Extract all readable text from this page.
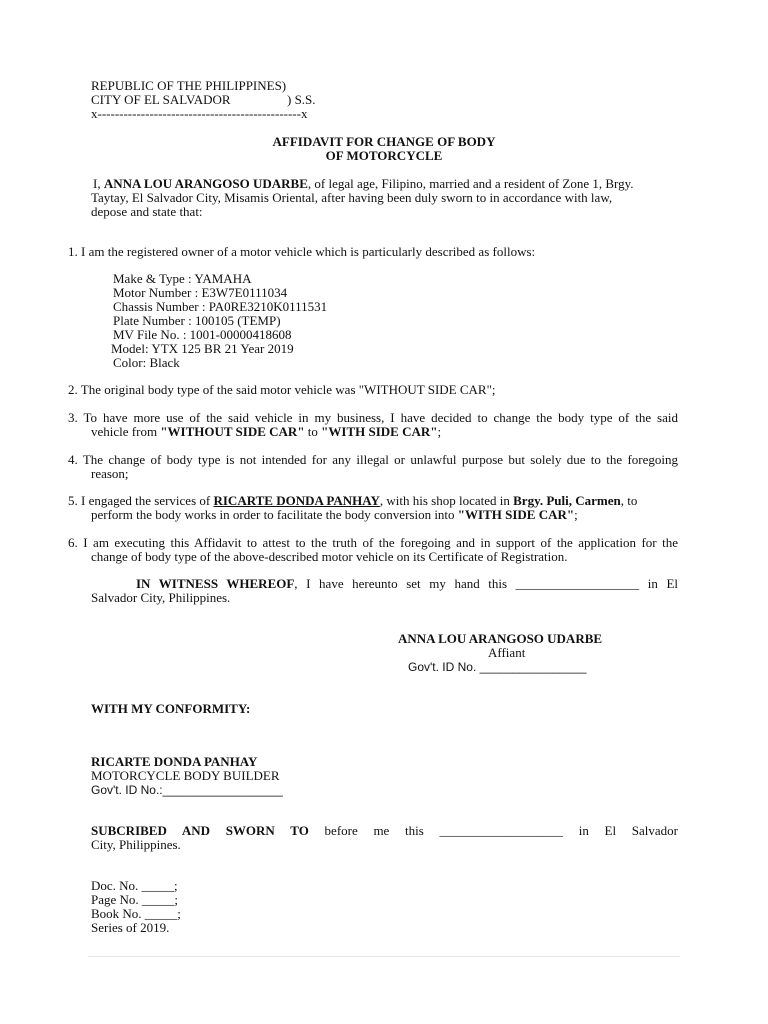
REPUBLIC OF THE PHILIPPINES)
CITY OF EL SALVADOR	) S.S.
x-----------------------------------------------x
AFFIDAVIT FOR CHANGE OF BODY
OF MOTORCYCLE
I, ANNA LOU ARANGOSO UDARBE, of legal age, Filipino, married and a resident of Zone 1, Brgy.
Taytay, El Salvador City, Misamis Oriental, after having been duly sworn to in accordance with law,
depose and state that:
1. I am the registered owner of a motor vehicle which is particularly described as follows:
Make & Type : YAMAHA
Motor Number : E3W7E0111034
Chassis Number : PA0RE3210K0111531
Plate Number : 100105 (TEMP)
MV File No. : 1001-00000418608
Model: YTX 125 BR 21 Year 2019
Color: Black
2. The original body type of the said motor vehicle was "WITHOUT SIDE CAR";
3. To have more use of the said vehicle in my business, I have decided to change the body type of the said
vehicle from "WITHOUT SIDE CAR" to "WITH SIDE CAR";
4. The change of body type is not intended for any illegal or unlawful purpose but solely due to the foregoing
reason;
5. I engaged the services of RICARTE DONDA PANHAY, with his shop located in Brgy. Puli, Carmen, to
perform the body works in order to facilitate the body conversion into "WITH SIDE CAR";
6. I am executing this Affidavit to attest to the truth of the foregoing and in support of the application for the
change of body type of the above-described motor vehicle on its Certificate of Registration.
IN WITNESS WHEREOF, I have hereunto set my hand this ___________________ in El
Salvador City, Philippines.
ANNA LOU ARANGOSO UDARBE
Affiant
Gov't. ID No. ________________
WITH MY CONFORMITY:
RICARTE DONDA PANHAY
MOTORCYCLE BODY BUILDER
Gov't. ID No.:__________________
SUBCRIBED AND SWORN TO before me this ___________________ in El Salvador
City, Philippines.
Doc. No. _____;
Page No. _____;
Book No. _____;
Series of 2019.
